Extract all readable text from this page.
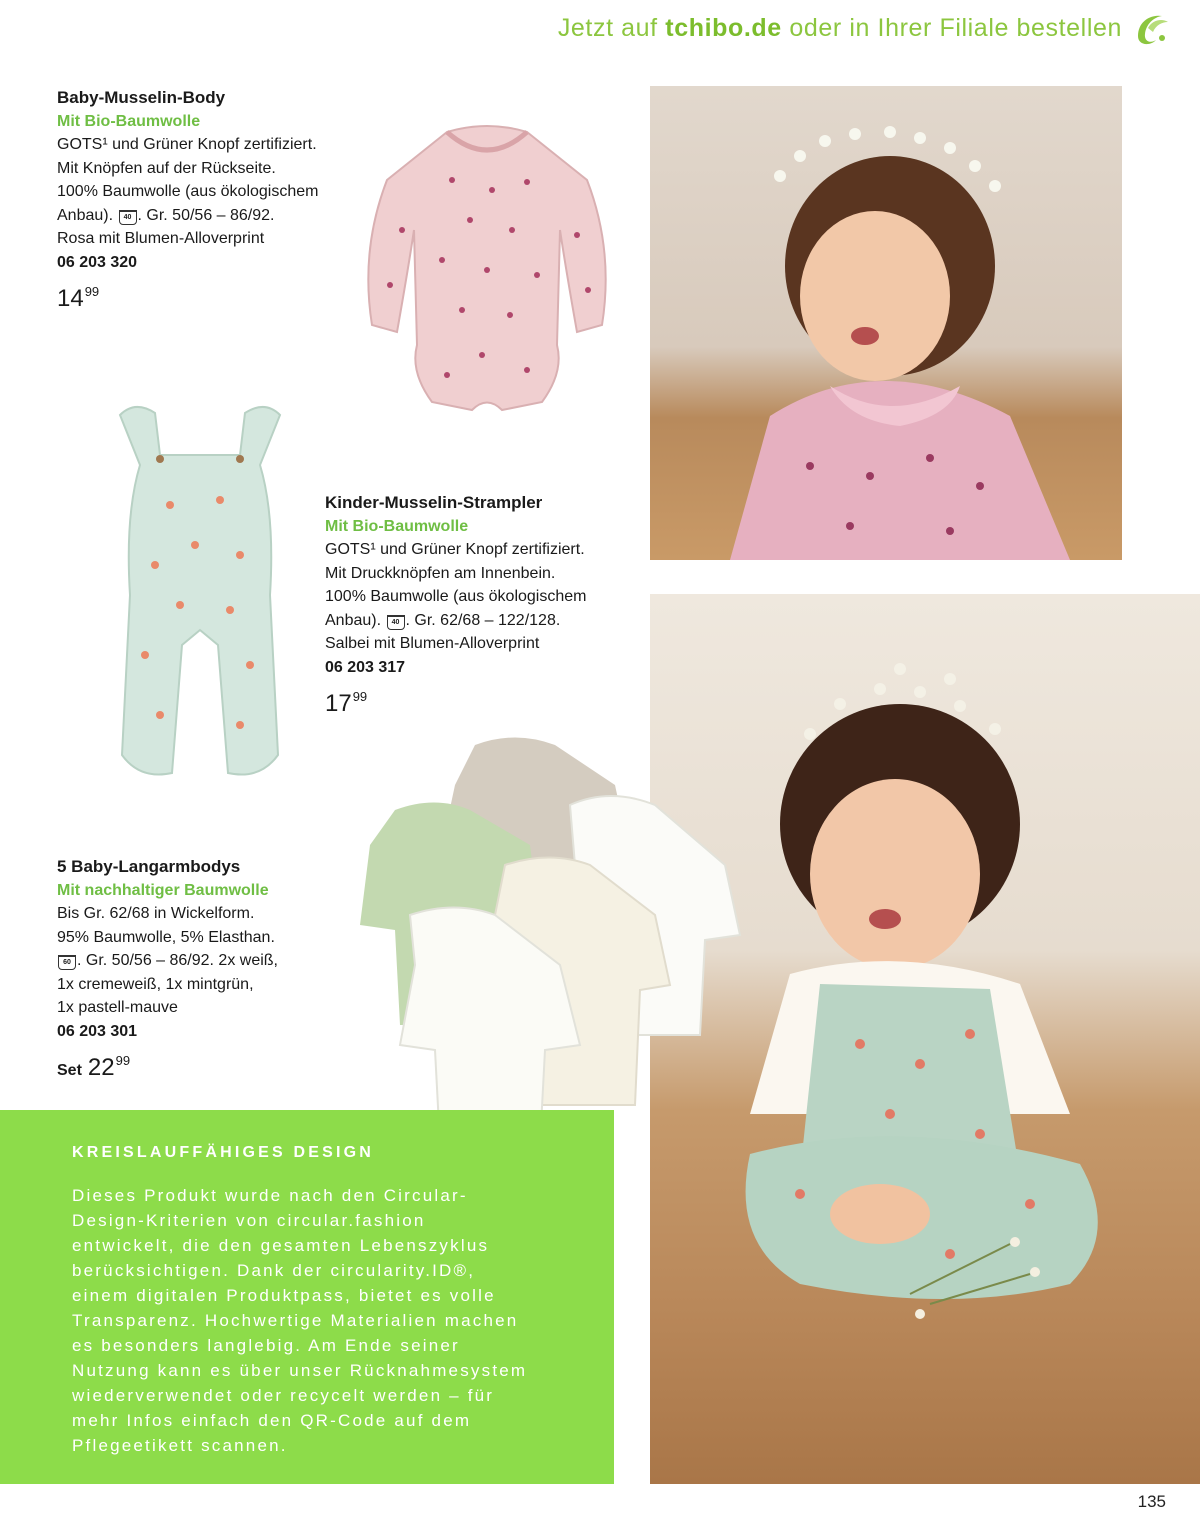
Jetzt auf tchibo.de oder in Ihrer Filiale bestellen
Baby-Musselin-Body
Mit Bio-Baumwolle
GOTS¹ und Grüner Knopf zertifiziert.
Mit Knöpfen auf der Rückseite.
100% Baumwolle (aus ökologischem
Anbau). 40 . Gr. 50/56 – 86/92.
Rosa mit Blumen-Alloverprint
06 203 320
$14^{99}$
Kinder-Musselin-Strampler
Mit Bio-Baumwolle
GOTS¹ und Grüner Knopf zertifiziert.
Mit Druckknöpfen am Innenbein.
100% Baumwolle (aus ökologischem
Anbau). 40 . Gr. 62/68 – 122/128.
Salbei mit Blumen-Alloverprint
06 203 317
$17^{99}$
5 Baby-Langarmbodys
Mit nachhaltiger Baumwolle
Bis Gr. 62/68 in Wickelform.
95% Baumwolle, 5% Elasthan.
60 . Gr. 50/56 – 86/92. 2x weiß,
1x cremeweiß, 1x mintgrün,
1x pastell-mauve
06 203 301
Set $22^{99}$
KREISLAUFFÄHIGES DESIGN
Dieses Produkt wurde nach den Circular-
Design-Kriterien von circular.fashion
entwickelt, die den gesamten Lebenszyklus
berücksichtigen. Dank der circularity.ID®,
einem digitalen Produktpass, bietet es volle
Transparenz. Hochwertige Materialien machen
es besonders langlebig. Am Ende seiner
Nutzung kann es über unser Rücknahmesystem
wiederverwendet oder recycelt werden – für
mehr Infos einfach den QR-Code auf dem
Pflegeetikett scannen.
135
